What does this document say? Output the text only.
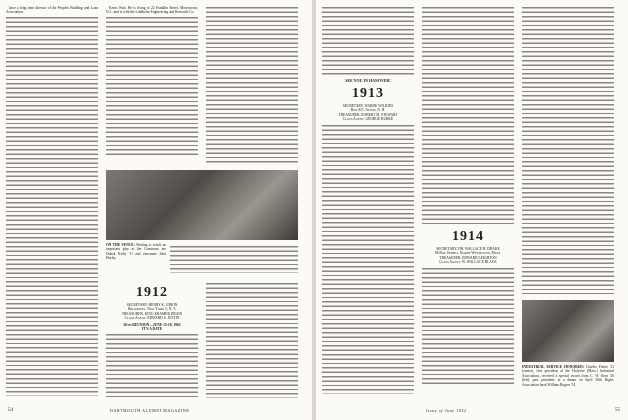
have a long time director of the Peoples Building and Loan Association.

Kerns Wait. He is living at 22 Franklin Street, Morristown, N.J., and is with the Lindholm Engineering and Research Co.

ON THE FENCE: Waiting to watch an important play at the Commons are Dubek Kirby '11 and classmate John Hurley.
1912
SECRETARY, HENRY K. URION
Broadway, New York 5, N. Y.
TREASURER, KING KRAMER DRAIN
Class Agent, EDWARD S. JUSTIN
50th REUNION—JUNE 15-18, 1962
IT'S A DATE
54	DARTMOUTH ALUMNI MAGAZINE
SEE YOU IN HANOVER!
1913
SECRETARY, WARDE WILKINS
Box 927, Alton, N. H.
TREASURER, ROBERT M. STEWART
Class Agent, GEORGE BURKE
1914
SECRETARY, DR. WALLACE H. DRAKE
86 Bay Street, North Weymouth, Mass.
TREASURER, EDWARD LEIGHTON
Class Agent, W. WALLACE BLACK
INDUSTRIAL SERVICE HONORED: Charles Fisher '13 (center), first president of the Holyoke (Mass.) Industrial Association, received a special award from C. W. Kent '26 (left), past president, at a dinner on April 30th. Right: Association head William Rogers '14.
Issue of June 1952	55
